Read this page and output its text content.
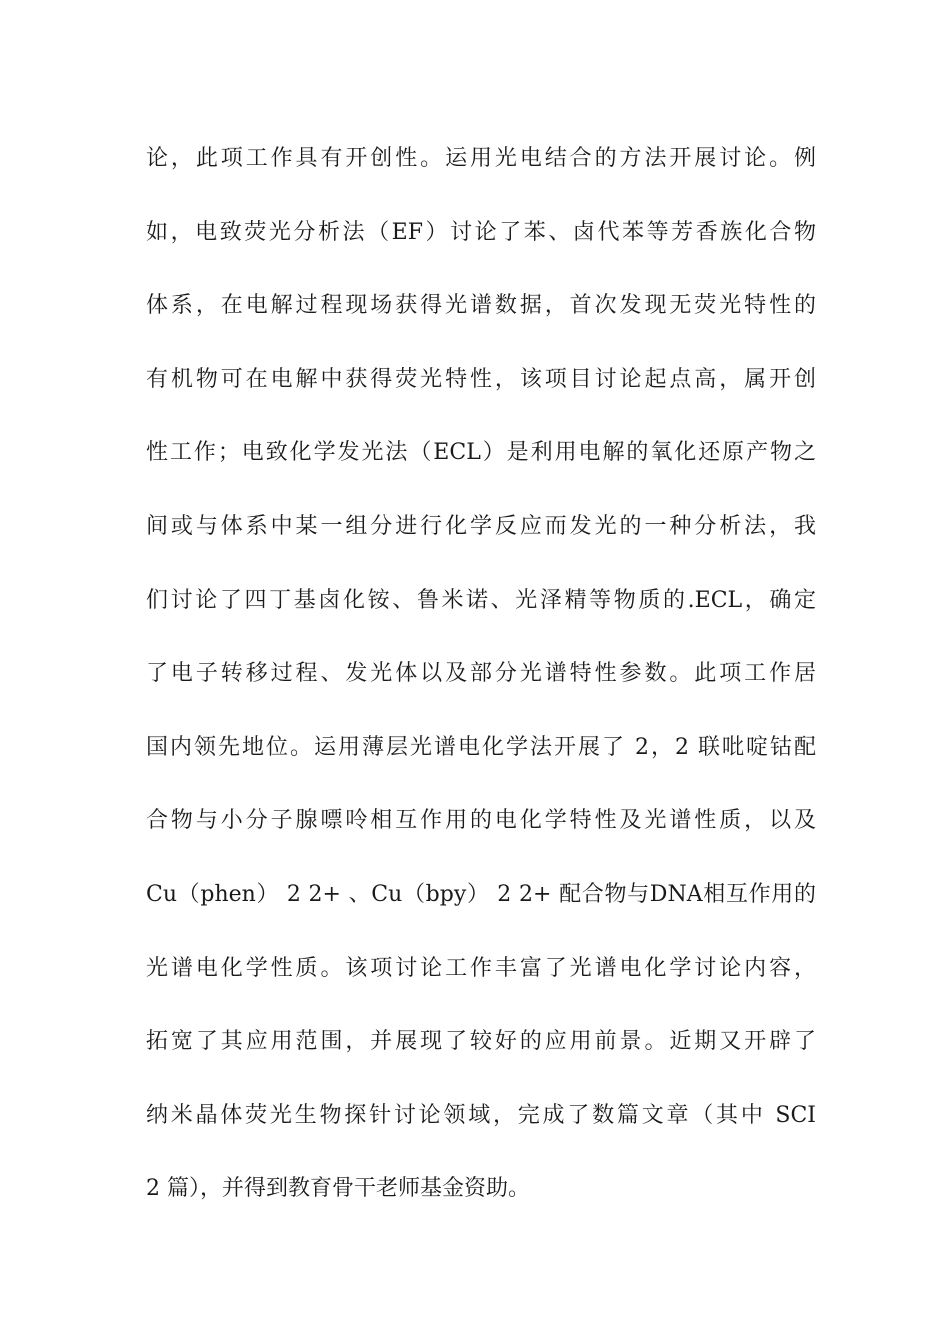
论，此项工作具有开创性。运用光电结合的方法开展讨论。例
如，电致荧光分析法（EF）讨论了苯、卤代苯等芳香族化合物
体系，在电解过程现场获得光谱数据，首次发现无荧光特性的
有机物可在电解中获得荧光特性，该项目讨论起点高，属开创
性工作；电致化学发光法（ECL）是利用电解的氧化还原产物之
间或与体系中某一组分进行化学反应而发光的一种分析法，我
们讨论了四丁基卤化铵、鲁米诺、光泽精等物质的.ECL，确定
了电子转移过程、发光体以及部分光谱特性参数。此项工作居
国内领先地位。运用薄层光谱电化学法开展了 2，2 联吡啶钴配
合物与小分子腺嘌呤相互作用的电化学特性及光谱性质，以及
Cu（phen） 2 2+ 、Cu（bpy） 2 2+ 配合物与DNA相互作用的
光谱电化学性质。该项讨论工作丰富了光谱电化学讨论内容，
拓宽了其应用范围，并展现了较好的应用前景。近期又开辟了
纳米晶体荧光生物探针讨论领域，完成了数篇文章（其中 SCI
2 篇），并得到教育骨干老师基金资助。
